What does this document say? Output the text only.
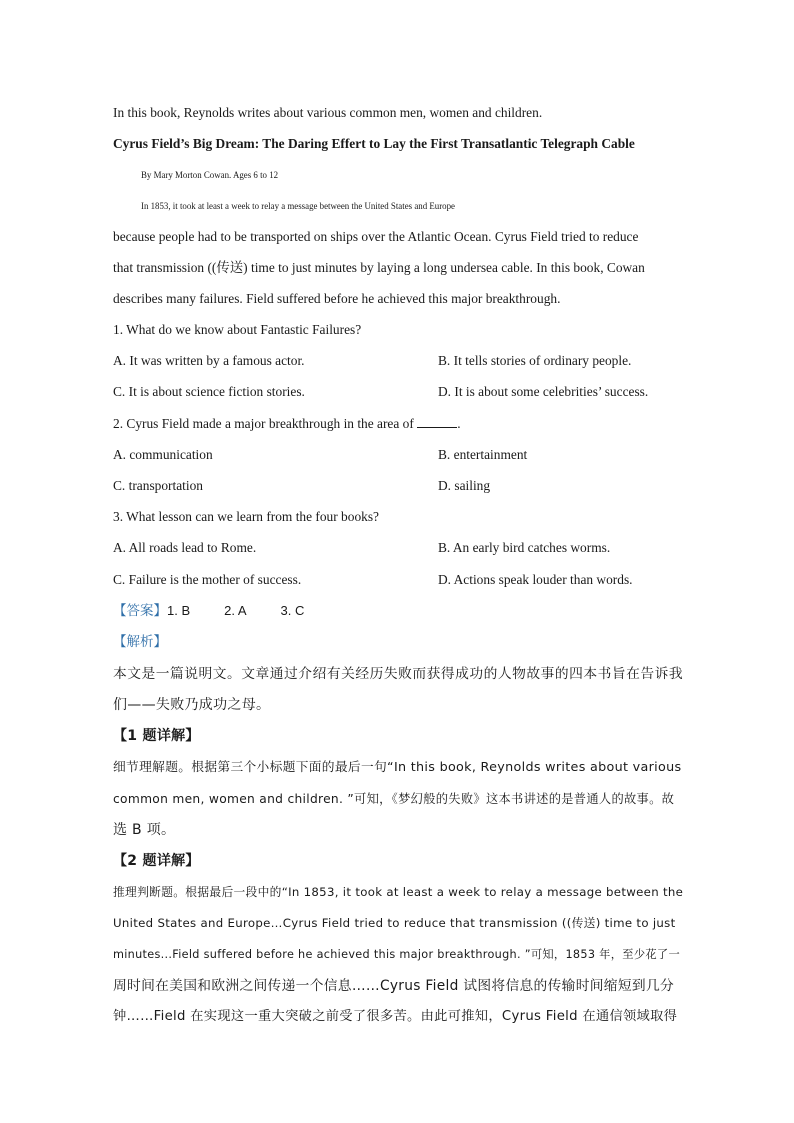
In this book, Reynolds writes about various common men, women and children.
Cyrus Field’s Big Dream: The Daring Effert to Lay the First Transatlantic Telegraph Cable
By Mary Morton Cowan. Ages 6 to 12
In 1853, it took at least a week to relay a message between the United States and Europe
because people had to be transported on ships over the Atlantic Ocean. Cyrus Field tried to reduce
that transmission ((传送) time to just minutes by laying a long undersea cable. In this book, Cowan
describes many failures. Field suffered before he achieved this major breakthrough.
1. What do we know about Fantastic Failures?
A. It was written by a famous actor.	B. It tells stories of ordinary people.
C. It is about science fiction stories.	D. It is about some celebrities’ success.
2. Cyrus Field made a major breakthrough in the area of	.
A. communication	B. entertainment
C. transportation	D. sailing
3. What lesson can we learn from the four books?
A. All roads lead to Rome.	B. An early bird catches worms.
C. Failure is the mother of success.	D. Actions speak louder than words.
【答案】1. B	2. A	3. C
【解析】
本文是一篇说明文。文章通过介绍有关经历失败而获得成功的人物故事的四本书旨在告诉我
们——失败乃成功之母。
【1 题详解】
细节理解题。根据第三个小标题下面的最后一句“In this book, Reynolds writes about various
common men, women and children. ”可知，《梦幻般的失败》这本书讲述的是普通人的故事。故
选 B 项。
【2 题详解】
推理判断题。根据最后一段中的“In 1853, it took at least a week to relay a message between the
United States and Europe…Cyrus Field tried to reduce that transmission ((传送) time to just
minutes...Field suffered before he achieved this major breakthrough. ”可知，1853 年，至少花了一
周时间在美国和欧洲之间传递一个信息……Cyrus Field 试图将信息的传输时间缩短到几分
钟……Field 在实现这一重大突破之前受了很多苦。由此可推知，Cyrus Field 在通信领域取得
